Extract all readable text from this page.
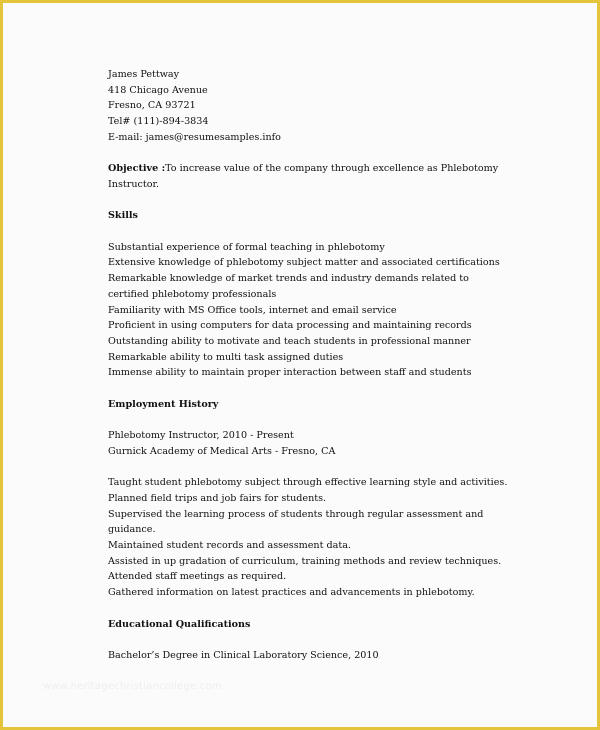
James Pettway
418 Chicago Avenue
Fresno, CA 93721
Tel# (111)-894-3834
E-mail: james@resumesamples.info
Objective :To increase value of the company through excellence as Phlebotomy
Instructor.
Skills
Substantial experience of formal teaching in phlebotomy
Extensive knowledge of phlebotomy subject matter and associated certifications
Remarkable knowledge of market trends and industry demands related to
certified phlebotomy professionals
Familiarity with MS Office tools, internet and email service
Proficient in using computers for data processing and maintaining records
Outstanding ability to motivate and teach students in professional manner
Remarkable ability to multi task assigned duties
Immense ability to maintain proper interaction between staff and students
Employment History
Phlebotomy Instructor, 2010 - Present
Gurnick Academy of Medical Arts - Fresno, CA
Taught student phlebotomy subject through effective learning style and activities.
Planned field trips and job fairs for students.
Supervised the learning process of students through regular assessment and
guidance.
Maintained student records and assessment data.
Assisted in up gradation of curriculum, training methods and review techniques.
Attended staff meetings as required.
Gathered information on latest practices and advancements in phlebotomy.
Educational Qualifications
Bachelor’s Degree in Clinical Laboratory Science, 2010
www.heritagechristiancollege.com
